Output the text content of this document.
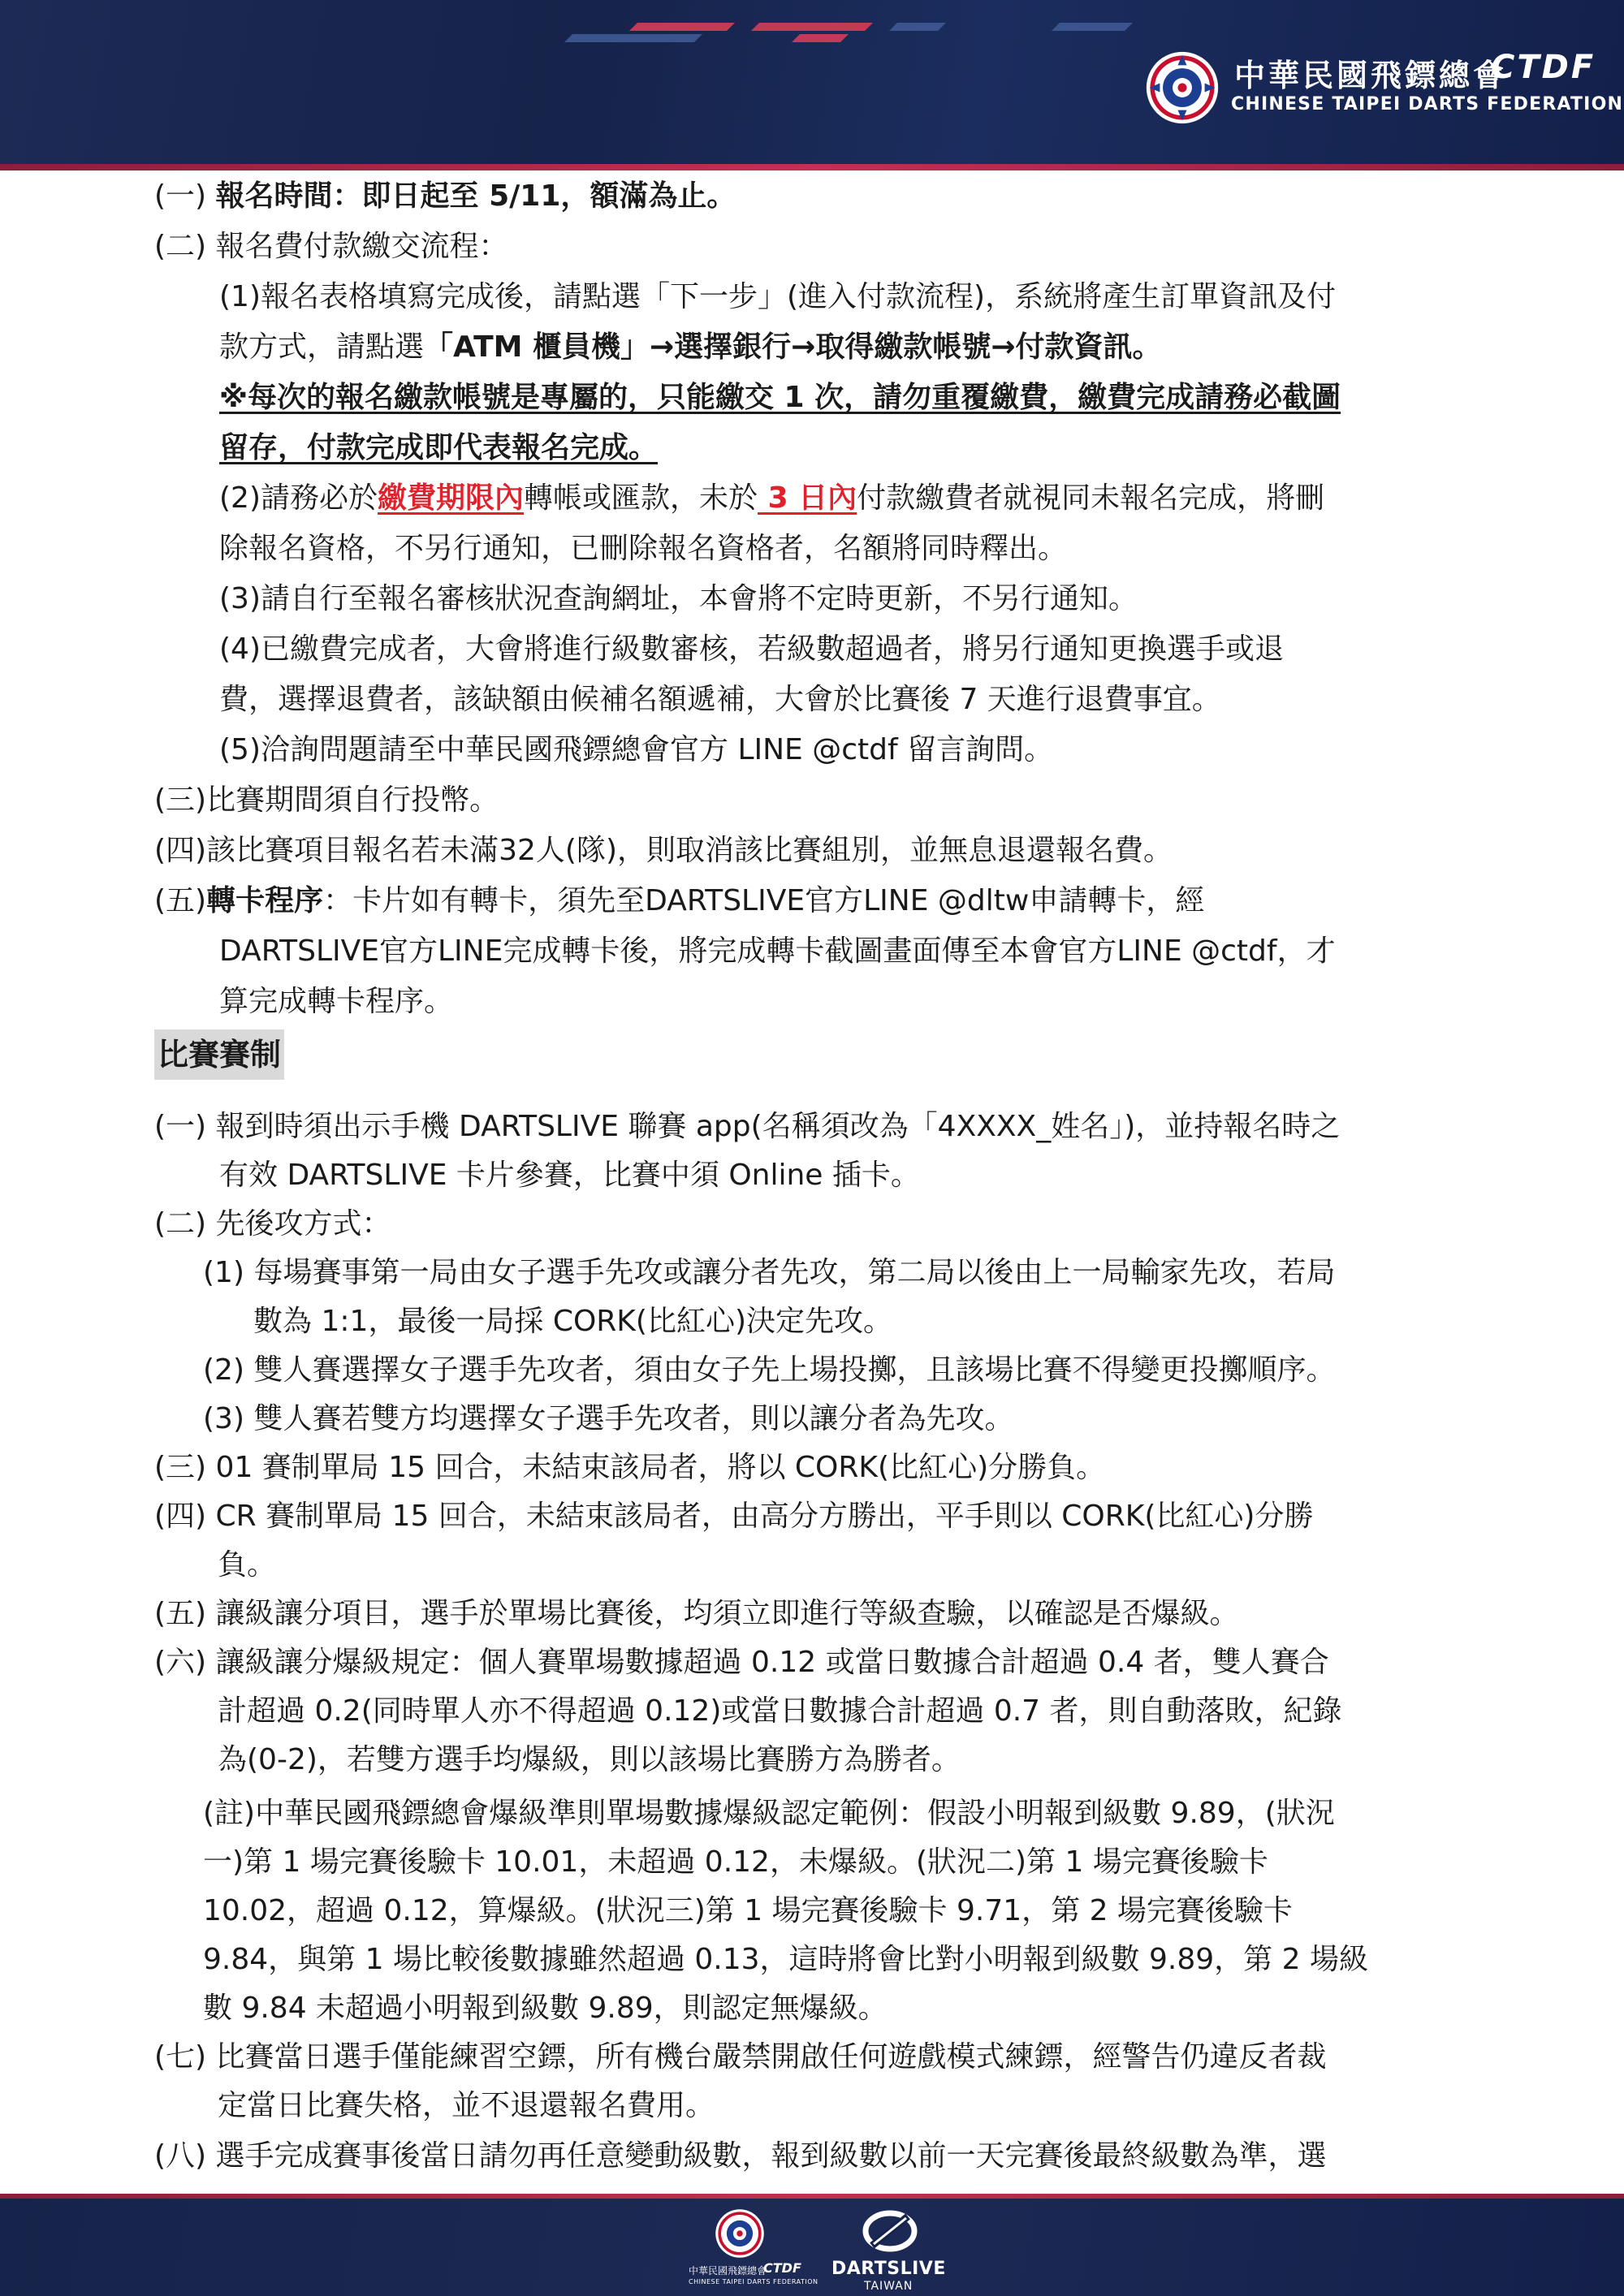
中華民國飛鏢總會
CTDF
CHINESE TAIPEI DARTS FEDERATION
(一) 報名時間：即日起至 5/11，額滿為止。
(二) 報名費付款繳交流程：
(1)報名表格填寫完成後，請點選「下一步」(進入付款流程)，系統將產生訂單資訊及付
款方式，請點選「ATM 櫃員機」→選擇銀行→取得繳款帳號→付款資訊。
※每次的報名繳款帳號是專屬的，只能繳交 1 次，請勿重覆繳費，繳費完成請務必截圖
留存，付款完成即代表報名完成。
(2)請務必於繳費期限內轉帳或匯款，未於 3 日內付款繳費者就視同未報名完成，將刪
除報名資格，不另行通知，已刪除報名資格者，名額將同時釋出。
(3)請自行至報名審核狀況查詢網址，本會將不定時更新，不另行通知。
(4)已繳費完成者，大會將進行級數審核，若級數超過者，將另行通知更換選手或退
費，選擇退費者，該缺額由候補名額遞補，大會於比賽後 7 天進行退費事宜。
(5)洽詢問題請至中華民國飛鏢總會官方 LINE @ctdf 留言詢問。
(三)比賽期間須自行投幣。
(四)該比賽項目報名若未滿32人(隊)，則取消該比賽組別，並無息退還報名費。
(五)轉卡程序：卡片如有轉卡，須先至DARTSLIVE官方LINE @dltw申請轉卡，經
DARTSLIVE官方LINE完成轉卡後，將完成轉卡截圖畫面傳至本會官方LINE @ctdf，才
算完成轉卡程序。
比賽賽制
(一) 報到時須出示手機 DARTSLIVE 聯賽 app(名稱須改為「4XXXX_姓名」)，並持報名時之
有效 DARTSLIVE 卡片參賽，比賽中須 Online 插卡。
(二) 先後攻方式：
(1) 每場賽事第一局由女子選手先攻或讓分者先攻，第二局以後由上一局輸家先攻，若局
數為 1:1，最後一局採 CORK(比紅心)決定先攻。
(2) 雙人賽選擇女子選手先攻者，須由女子先上場投擲，且該場比賽不得變更投擲順序。
(3) 雙人賽若雙方均選擇女子選手先攻者，則以讓分者為先攻。
(三) 01 賽制單局 15 回合，未結束該局者，將以 CORK(比紅心)分勝負。
(四) CR 賽制單局 15 回合，未結束該局者，由高分方勝出，平手則以 CORK(比紅心)分勝
負。
(五) 讓級讓分項目，選手於單場比賽後，均須立即進行等級查驗，以確認是否爆級。
(六) 讓級讓分爆級規定：個人賽單場數據超過 0.12 或當日數據合計超過 0.4 者，雙人賽合
計超過 0.2(同時單人亦不得超過 0.12)或當日數據合計超過 0.7 者，則自動落敗，紀錄
為(0-2)，若雙方選手均爆級，則以該場比賽勝方為勝者。
(註)中華民國飛鏢總會爆級準則單場數據爆級認定範例：假設小明報到級數 9.89，(狀況
一)第 1 場完賽後驗卡 10.01，未超過 0.12，未爆級。(狀況二)第 1 場完賽後驗卡
10.02，超過 0.12，算爆級。(狀況三)第 1 場完賽後驗卡 9.71，第 2 場完賽後驗卡
9.84，與第 1 場比較後數據雖然超過 0.13，這時將會比對小明報到級數 9.89，第 2 場級
數 9.84 未超過小明報到級數 9.89，則認定無爆級。
(七) 比賽當日選手僅能練習空鏢，所有機台嚴禁開啟任何遊戲模式練鏢，經警告仍違反者裁
定當日比賽失格，並不退還報名費用。
(八) 選手完成賽事後當日請勿再任意變動級數，報到級數以前一天完賽後最終級數為準，選
中華民國飛鏢總會
CTDF
CHINESE TAIPEI DARTS FEDERATION
DARTSLIVE
TAIWAN
